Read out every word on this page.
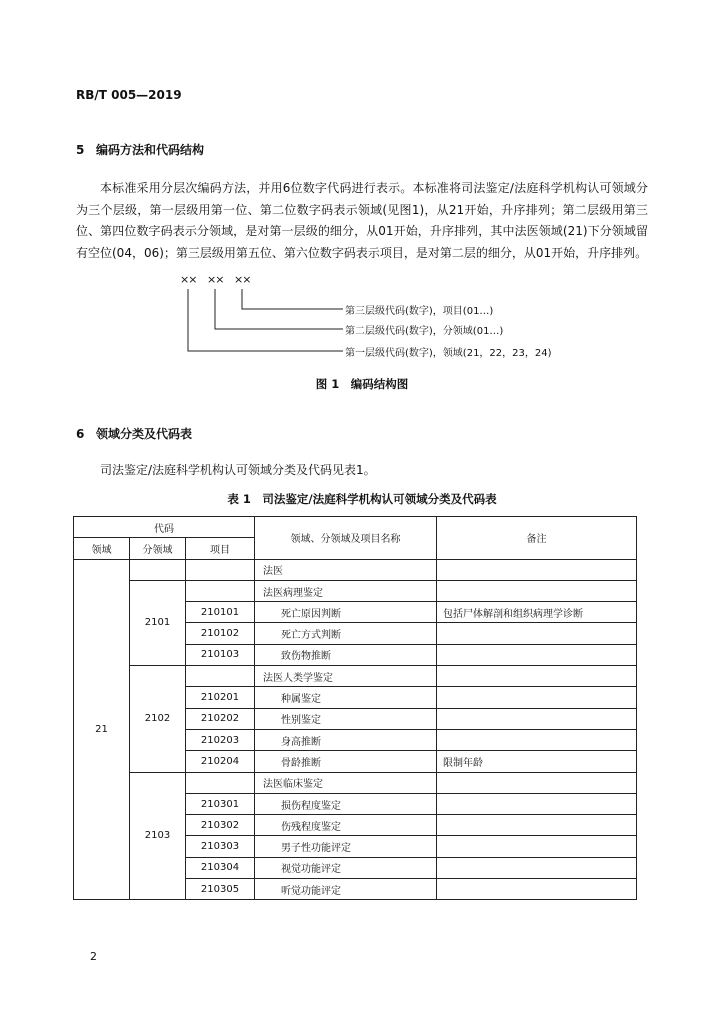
RB/T 005—2019
5 编码方法和代码结构
本标准采用分层次编码方法，并用6位数字代码进行表示。本标准将司法鉴定/法庭科学机构认可领域分为三个层级，第一层级用第一位、第二位数字码表示领域(见图1)，从21开始，升序排列；第二层级用第三位、第四位数字码表示分领域，是对第一层级的细分，从01开始，升序排列，其中法医领域(21)下分领域留有空位(04，06)；第三层级用第五位、第六位数字码表示项目，是对第二层的细分，从01开始，升序排列。
×× ×× ××
第三层级代码(数字)，项目(01…)
第二层级代码(数字)，分领域(01…)
第一层级代码(数字)，领域(21，22，23，24)
图 1　编码结构图
6 领域分类及代码表
司法鉴定/法庭科学机构认可领域分类及代码见表1。
表 1　司法鉴定/法庭科学机构认可领域分类及代码表
代码			领域、分领域及项目名称	备注
领域	分领域	项目		
21			法医	
	2101		法医病理鉴定	
		210101	死亡原因判断	包括尸体解剖和组织病理学诊断
		210102	死亡方式判断	
		210103	致伤物推断	
	2102		法医人类学鉴定	
		210201	种属鉴定	
		210202	性别鉴定	
		210203	身高推断	
		210204	骨龄推断	限制年龄
	2103		法医临床鉴定	
		210301	损伤程度鉴定	
		210302	伤残程度鉴定	
		210303	男子性功能评定	
		210304	视觉功能评定	
		210305	听觉功能评定	
2
